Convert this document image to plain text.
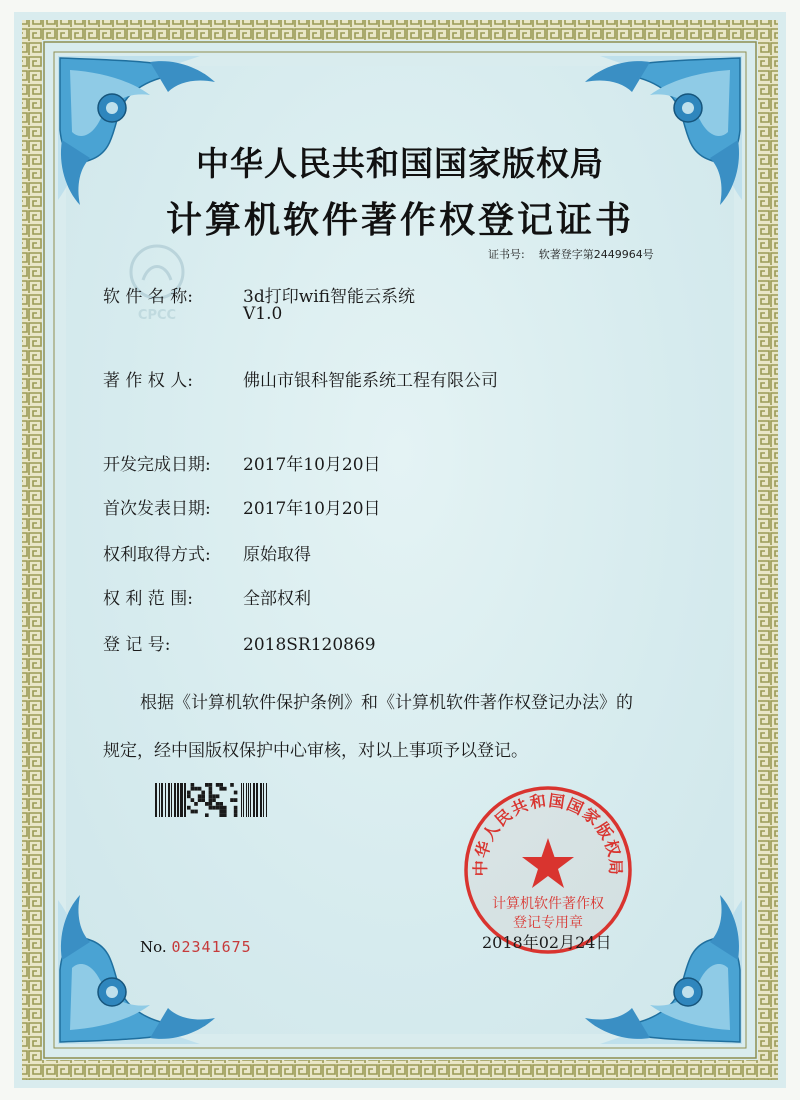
CPCC
中华人民共和国国家版权局
计算机软件著作权登记证书
证书号: 软著登字第2449964号
软 件 名 称:	3d打印wifi智能云系统
V1.0
著 作 权 人:	佛山市银科智能系统工程有限公司
开发完成日期: 2017年10月20日
首次发表日期: 2017年10月20日
权利取得方式: 原始取得
权 利 范 围:	全部权利
登 记 号:	2018SR120869
根据《计算机软件保护条例》和《计算机软件著作权登记办法》的
规定，经中国版权保护中心审核，对以上事项予以登记。
中华人民共和国国家版权局
计算机软件著作权
登记专用章
No. 02341675	2018年02月24日
